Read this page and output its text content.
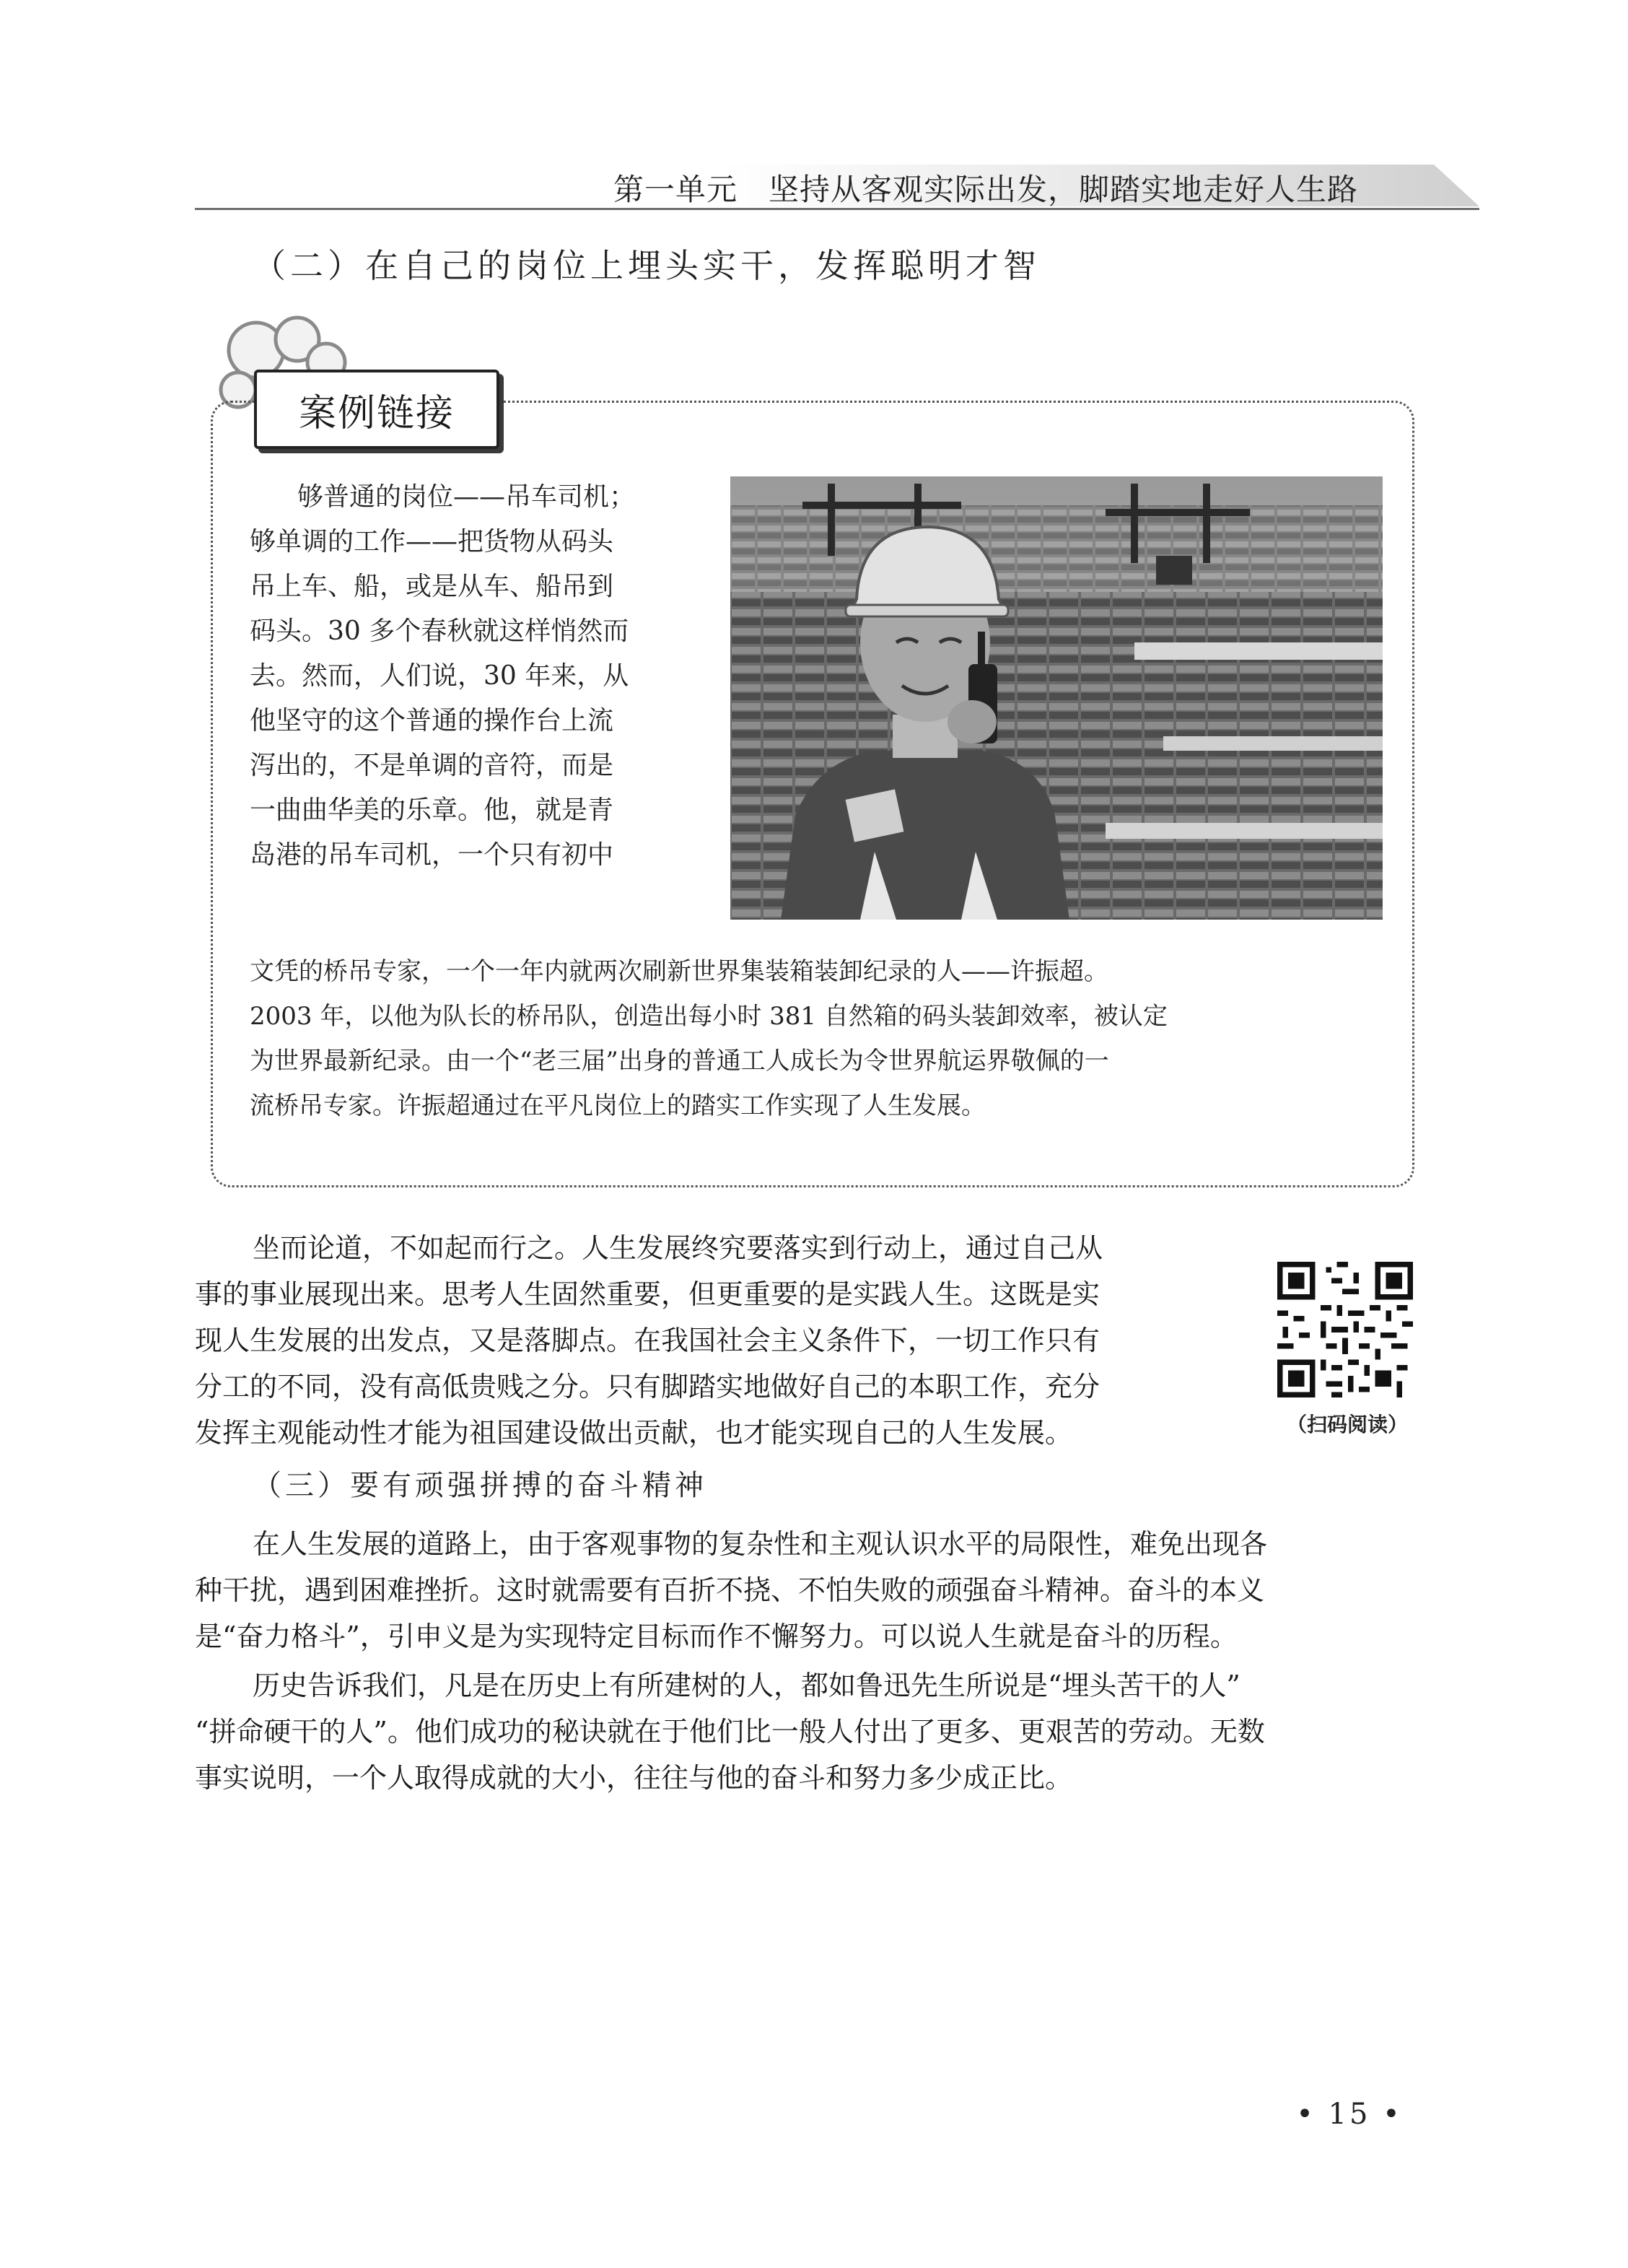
第一单元　坚持从客观实际出发，脚踏实地走好人生路
（二）在自己的岗位上埋头实干，发挥聪明才智
案例链接
够普通的岗位——吊车司机；
够单调的工作——把货物从码头
吊上车、船，或是从车、船吊到
码头。30 多个春秋就这样悄然而
去。然而，人们说，30 年来，从
他坚守的这个普通的操作台上流
泻出的，不是单调的音符，而是
一曲曲华美的乐章。他，就是青
岛港的吊车司机，一个只有初中
文凭的桥吊专家，一个一年内就两次刷新世界集装箱装卸纪录的人——许振超。
2003 年，以他为队长的桥吊队，创造出每小时 381 自然箱的码头装卸效率，被认定
为世界最新纪录。由一个“老三届”出身的普通工人成长为令世界航运界敬佩的一
流桥吊专家。许振超通过在平凡岗位上的踏实工作实现了人生发展。
坐而论道，不如起而行之。人生发展终究要落实到行动上，通过自己从
事的事业展现出来。思考人生固然重要，但更重要的是实践人生。这既是实
现人生发展的出发点，又是落脚点。在我国社会主义条件下，一切工作只有
分工的不同，没有高低贵贱之分。只有脚踏实地做好自己的本职工作，充分
发挥主观能动性才能为祖国建设做出贡献，也才能实现自己的人生发展。	（扫码阅读）
（三）要有顽强拼搏的奋斗精神
在人生发展的道路上，由于客观事物的复杂性和主观认识水平的局限性，难免出现各
种干扰，遇到困难挫折。这时就需要有百折不挠、不怕失败的顽强奋斗精神。奋斗的本义
是“奋力格斗”，引申义是为实现特定目标而作不懈努力。可以说人生就是奋斗的历程。
历史告诉我们，凡是在历史上有所建树的人，都如鲁迅先生所说是“埋头苦干的人”
“拼命硬干的人”。他们成功的秘诀就在于他们比一般人付出了更多、更艰苦的劳动。无数
事实说明，一个人取得成就的大小，往往与他的奋斗和努力多少成正比。
• 15 •
